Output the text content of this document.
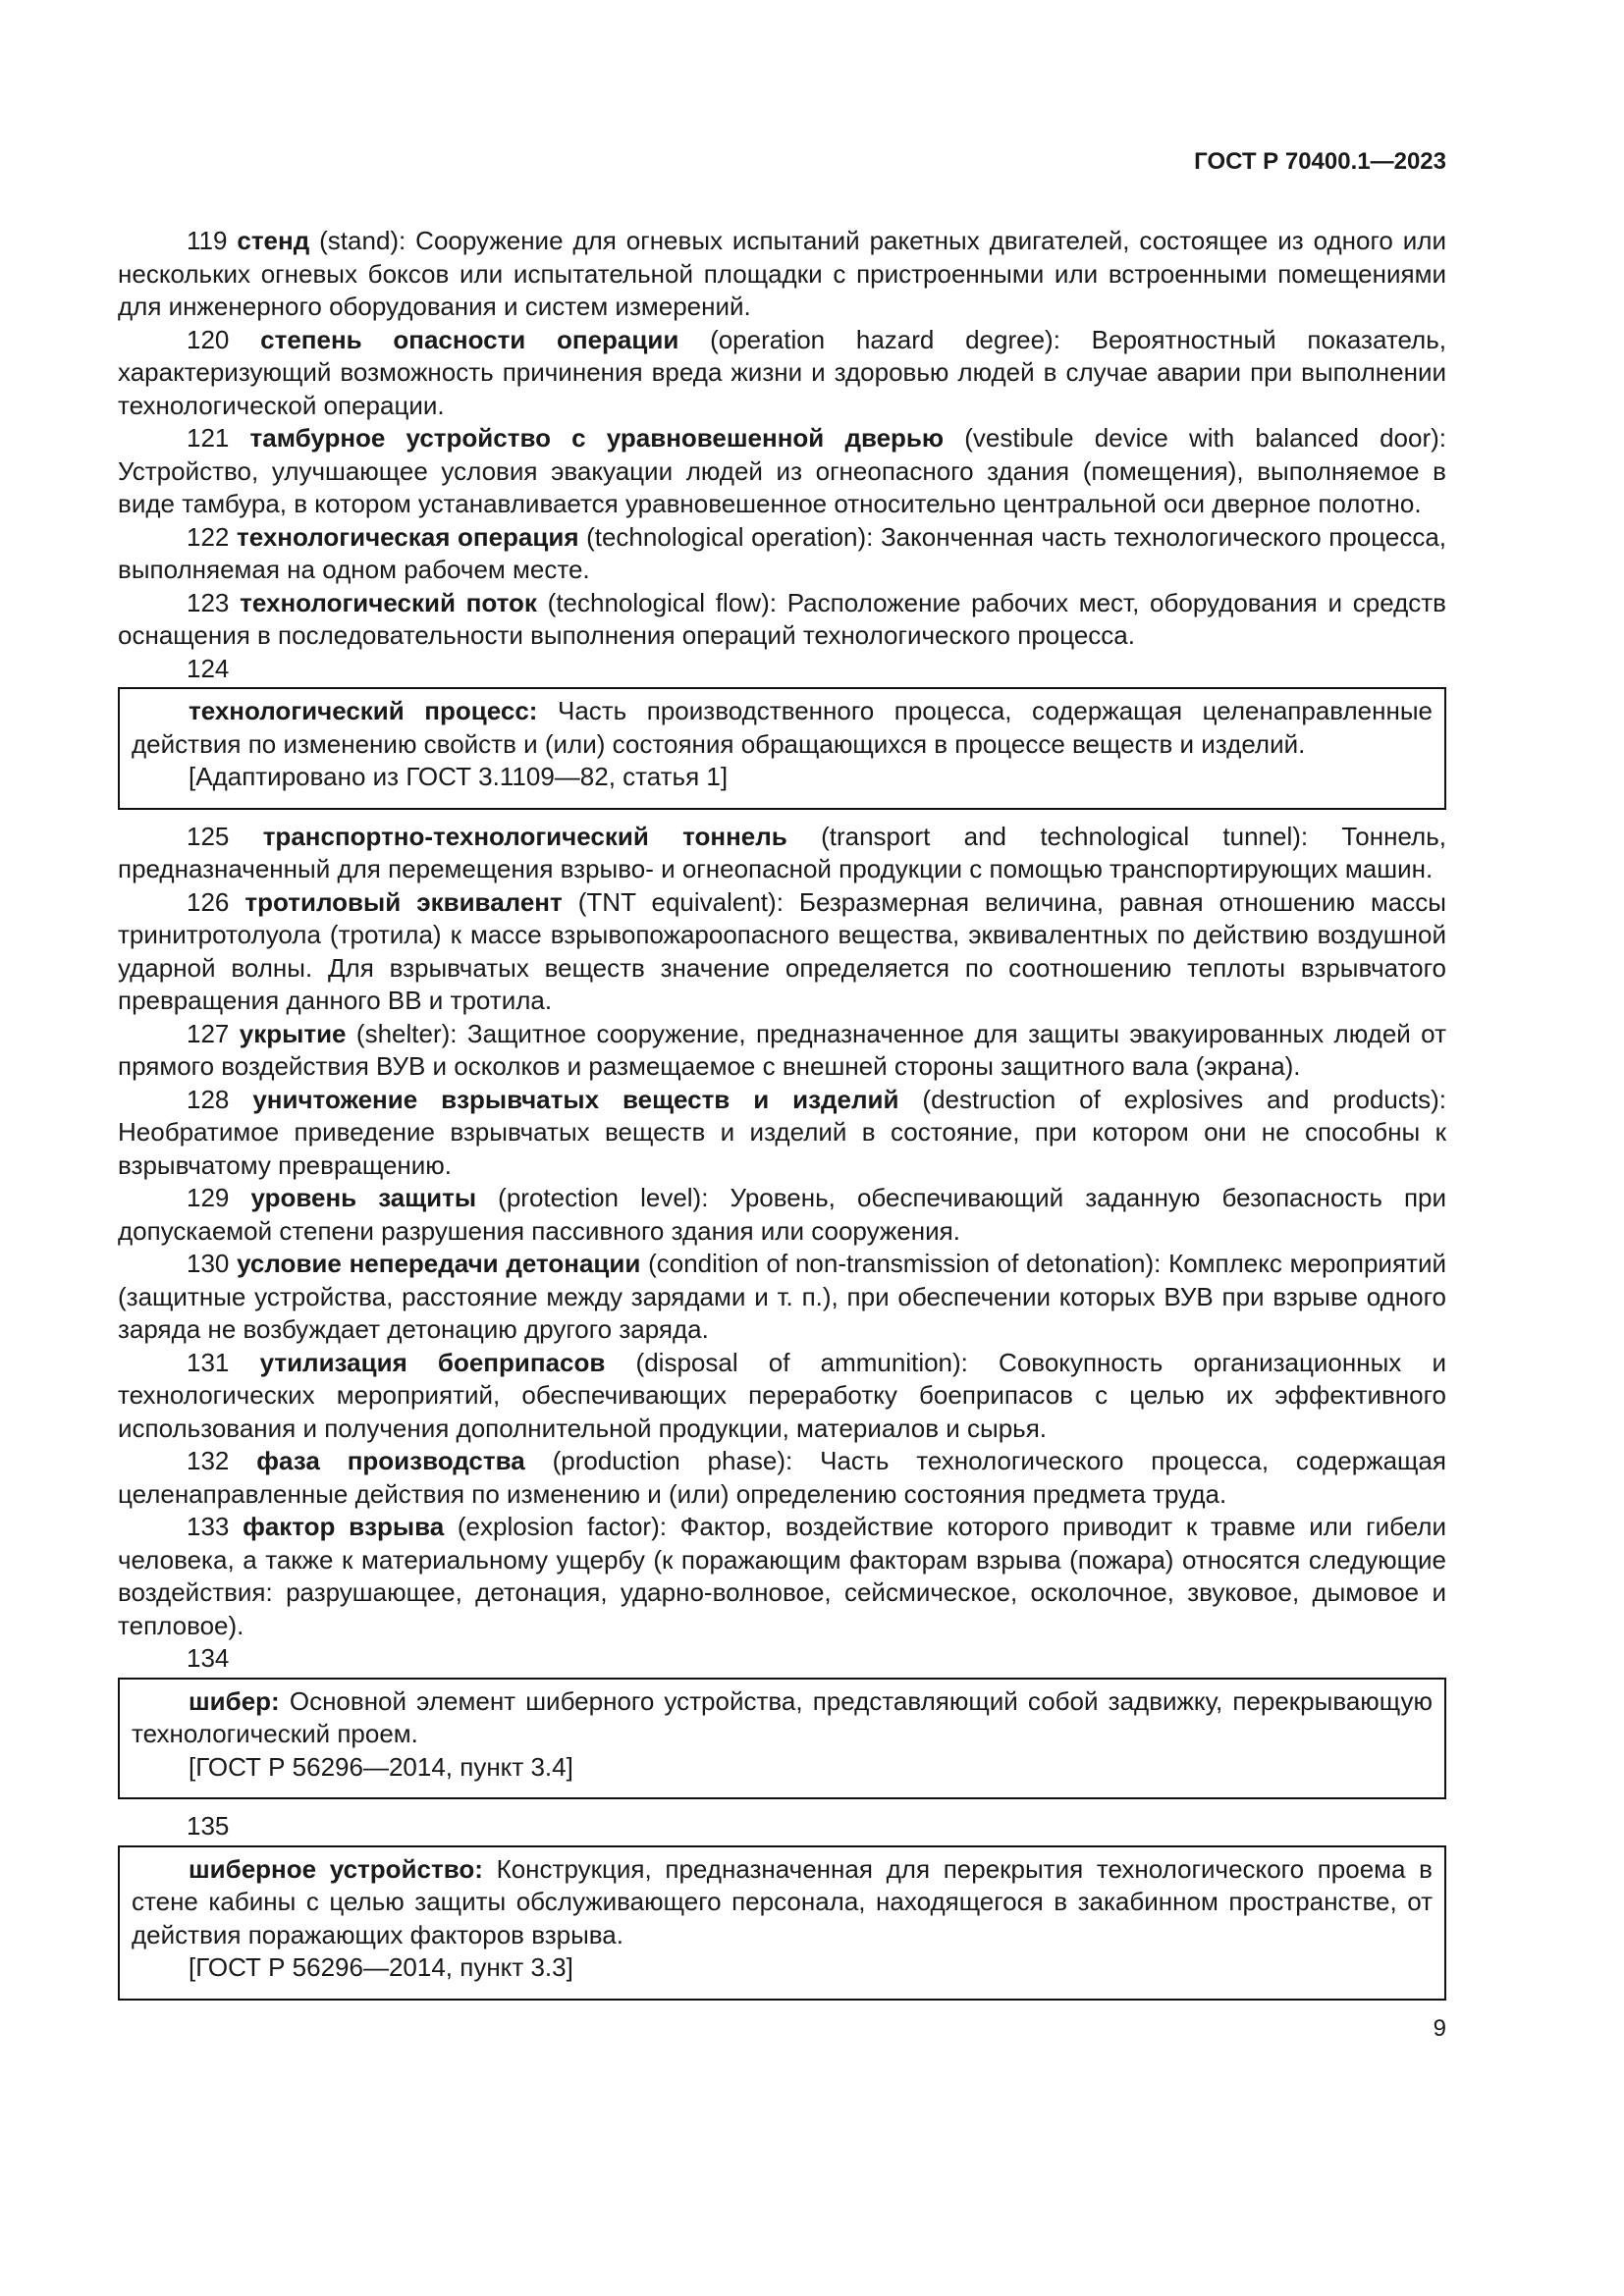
ГОСТ Р 70400.1—2023

119 стенд (stand): Сооружение для огневых испытаний ракетных двигателей, состоящее из одного или нескольких огневых боксов или испытательной площадки с пристроенными или встроенными помещениями для инженерного оборудования и систем измерений.

120 степень опасности операции (operation hazard degree): Вероятностный показатель, характеризующий возможность причинения вреда жизни и здоровью людей в случае аварии при выполнении технологической операции.

121 тамбурное устройство с уравновешенной дверью (vestibule device with balanced door): Устройство, улучшающее условия эвакуации людей из огнеопасного здания (помещения), выполняемое в виде тамбура, в котором устанавливается уравновешенное относительно центральной оси дверное полотно.

122 технологическая операция (technological operation): Законченная часть технологического процесса, выполняемая на одном рабочем месте.

123 технологический поток (technological flow): Расположение рабочих мест, оборудования и средств оснащения в последовательности выполнения операций технологического процесса.

124

технологический процесс: Часть производственного процесса, содержащая целенаправленные действия по изменению свойств и (или) состояния обращающихся в процессе веществ и изделий.

[Адаптировано из ГОСТ 3.1109—82, статья 1]

125 транспортно-технологический тоннель (transport and technological tunnel): Тоннель, предназначенный для перемещения взрыво- и огнеопасной продукции с помощью транспортирующих машин.

126 тротиловый эквивалент (TNT equivalent): Безразмерная величина, равная отношению массы тринитротолуола (тротила) к массе взрывопожароопасного вещества, эквивалентных по действию воздушной ударной волны. Для взрывчатых веществ значение определяется по соотношению теплоты взрывчатого превращения данного ВВ и тротила.

127 укрытие (shelter): Защитное сооружение, предназначенное для защиты эвакуированных людей от прямого воздействия ВУВ и осколков и размещаемое с внешней стороны защитного вала (экрана).

128 уничтожение взрывчатых веществ и изделий (destruction of explosives and products): Необратимое приведение взрывчатых веществ и изделий в состояние, при котором они не способны к взрывчатому превращению.

129 уровень защиты (protection level): Уровень, обеспечивающий заданную безопасность при допускаемой степени разрушения пассивного здания или сооружения.

130 условие непередачи детонации (condition of non-transmission of detonation): Комплекс мероприятий (защитные устройства, расстояние между зарядами и т. п.), при обеспечении которых ВУВ при взрыве одного заряда не возбуждает детонацию другого заряда.

131 утилизация боеприпасов (disposal of ammunition): Совокупность организационных и технологических мероприятий, обеспечивающих переработку боеприпасов с целью их эффективного использования и получения дополнительной продукции, материалов и сырья.

132 фаза производства (production phase): Часть технологического процесса, содержащая целенаправленные действия по изменению и (или) определению состояния предмета труда.

133 фактор взрыва (explosion factor): Фактор, воздействие которого приводит к травме или гибели человека, а также к материальному ущербу (к поражающим факторам взрыва (пожара) относятся следующие воздействия: разрушающее, детонация, ударно-волновое, сейсмическое, осколочное, звуковое, дымовое и тепловое).

134

шибер: Основной элемент шиберного устройства, представляющий собой задвижку, перекрывающую технологический проем.

[ГОСТ Р 56296—2014, пункт 3.4]

135

шиберное устройство: Конструкция, предназначенная для перекрытия технологического проема в стене кабины с целью защиты обслуживающего персонала, находящегося в закабинном пространстве, от действия поражающих факторов взрыва.

[ГОСТ Р 56296—2014, пункт 3.3]

9
